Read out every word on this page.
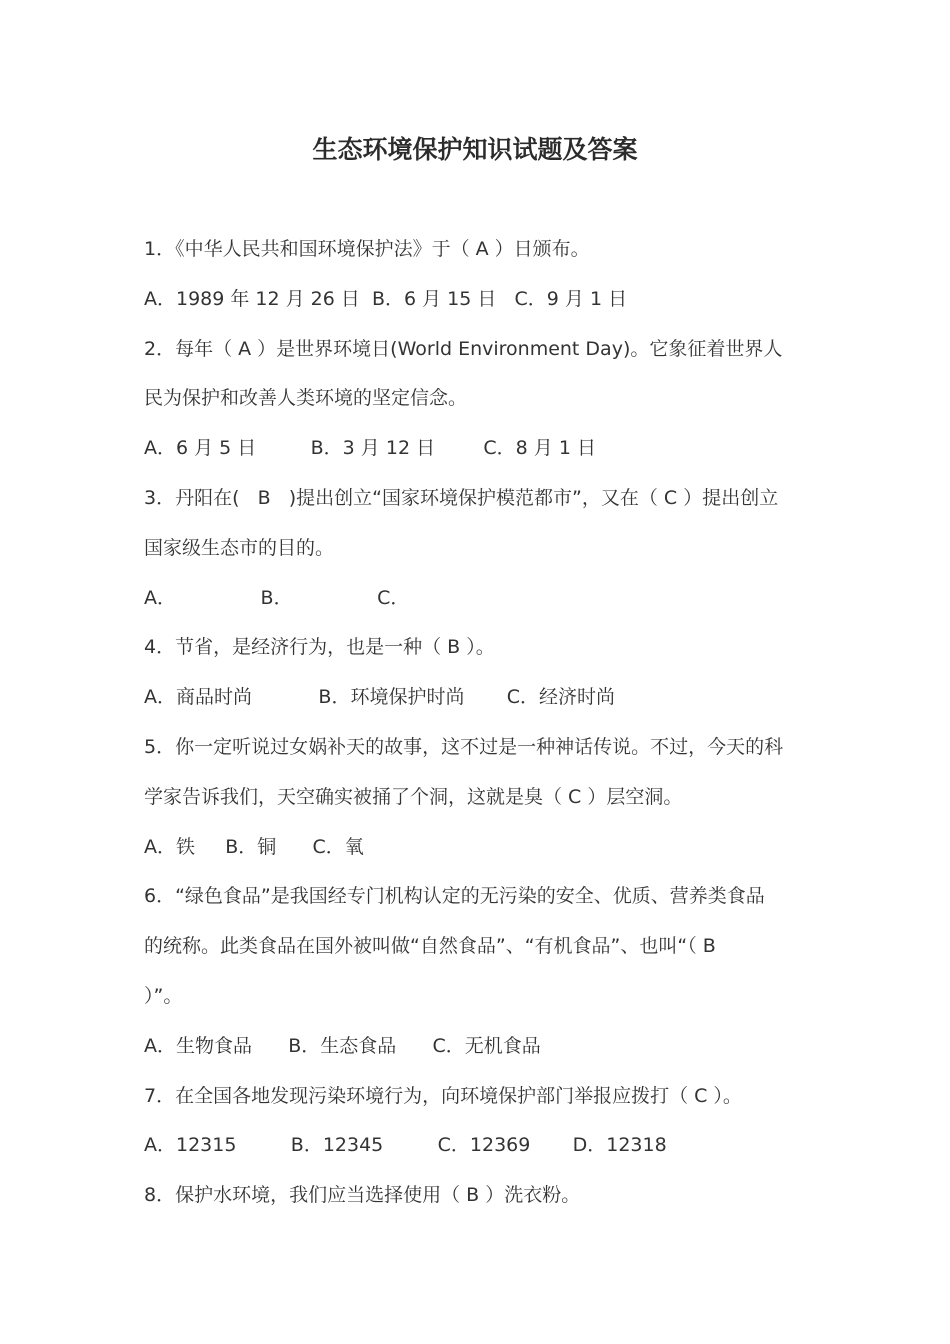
生态环境保护知识试题及答案
1．《中华人民共和国环境保护法》于（ A ）日颁布。
A．1989 年 12 月 26 日  B．6 月 15 日   C．9 月 1 日
2．每年（ A ）是世界环境日(World Environment Day)。它象征着世界人
民为保护和改善人类环境的坚定信念。
A．6 月 5 日         B．3 月 12 日        C．8 月 1 日
3．丹阳在(   B   )提出创立“国家环境保护模范都市”，又在（ C ）提出创立
国家级生态市的目的。
A．              B．              C．
4．节省，是经济行为，也是一种（ B ）。
A．商品时尚           B．环境保护时尚       C．经济时尚
5．你一定听说过女娲补天的故事，这不过是一种神话传说。不过，今天的科
学家告诉我们，天空确实被捅了个洞，这就是臭（ C ）层空洞。
A．铁     B．铜      C．氧
6．“绿色食品”是我国经专门机构认定的无污染的安全、优质、营养类食品
的统称。此类食品在国外被叫做“自然食品”、“有机食品”、也叫“（ B
）”。
A．生物食品      B．生态食品      C．无机食品
7．在全国各地发现污染环境行为，向环境保护部门举报应拨打（ C ）。
A．12315         B．12345         C．12369       D．12318
8．保护水环境，我们应当选择使用（ B ）洗衣粉。
